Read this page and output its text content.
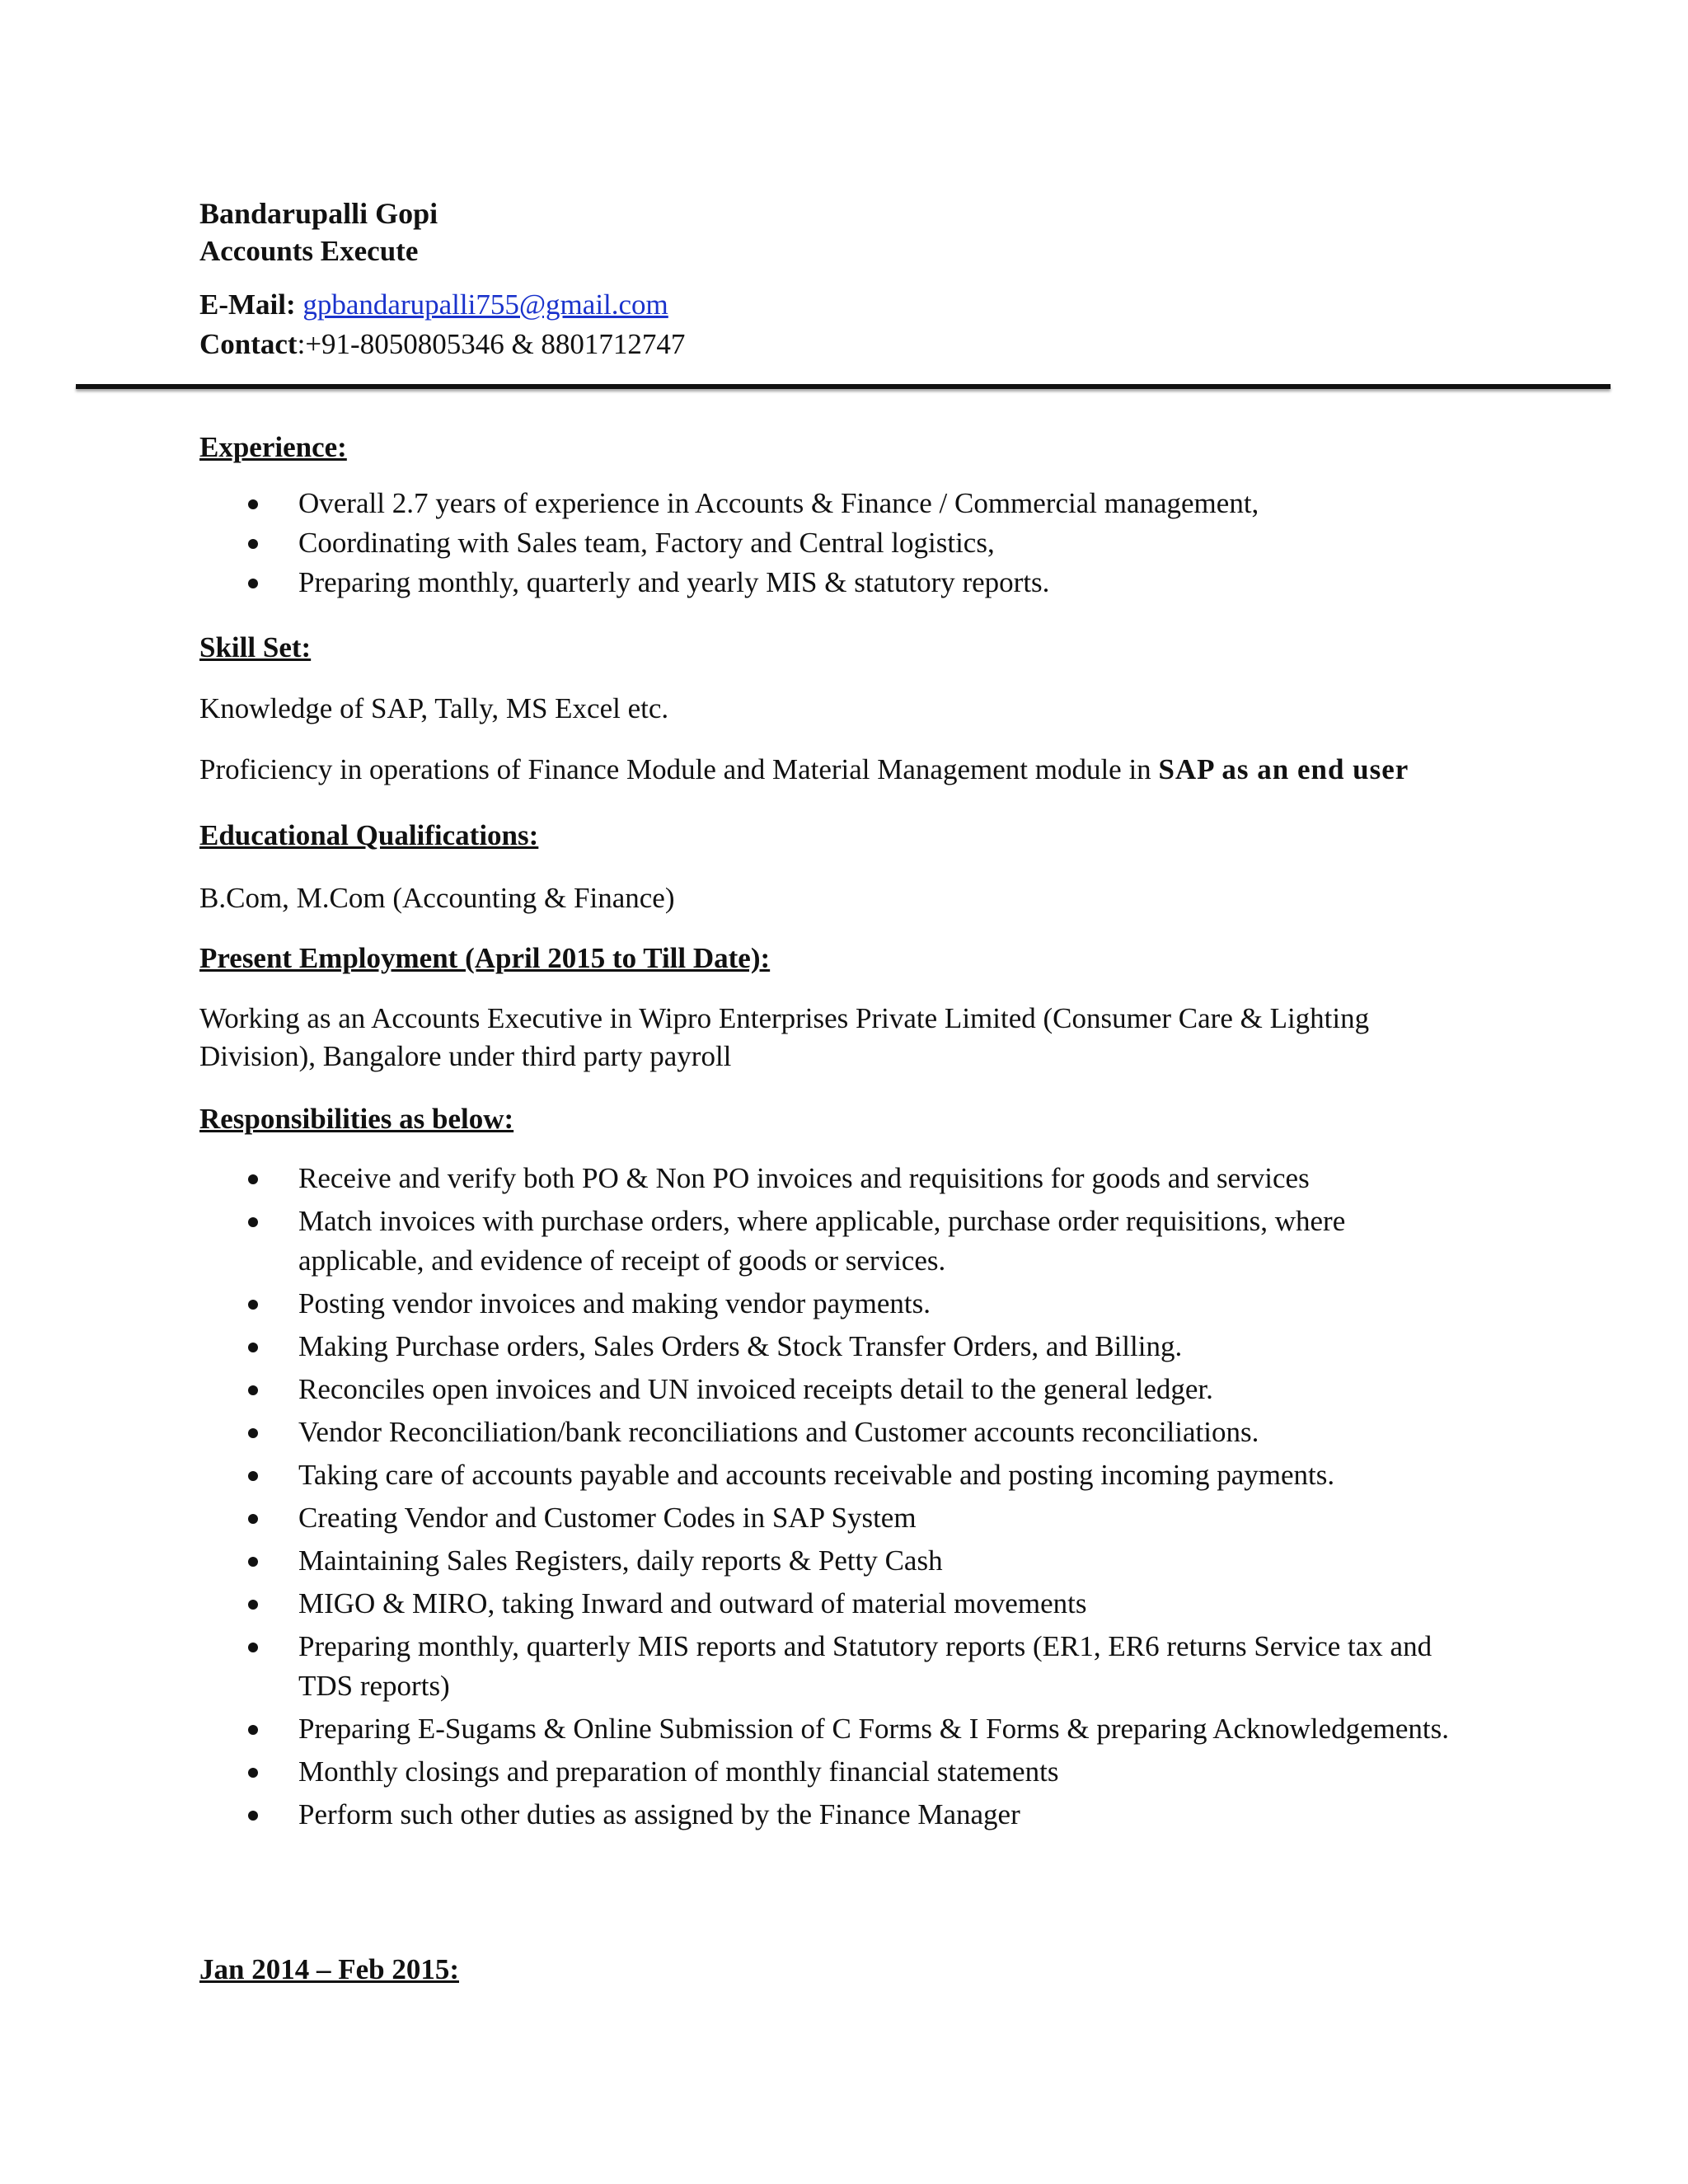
Bandarupalli Gopi

Accounts Execute

E-Mail: gpbandarupalli755@gmail.com

Contact:+91-8050805346 & 8801712747

Experience:

Overall 2.7 years of experience in Accounts & Finance / Commercial management,
Coordinating with Sales team, Factory and Central logistics,
Preparing monthly, quarterly and yearly MIS & statutory reports.

Skill Set:

Knowledge of SAP, Tally, MS Excel etc.

Proficiency in operations of Finance Module and Material Management module in SAP as an end user

Educational Qualifications:

B.Com, M.Com (Accounting & Finance)

Present Employment (April 2015 to Till Date):

Working as an Accounts Executive in Wipro Enterprises Private Limited (Consumer Care & Lighting Division), Bangalore under third party payroll

Responsibilities as below:

Receive and verify both PO & Non PO invoices and requisitions for goods and services
Match invoices with purchase orders, where applicable, purchase order requisitions, where applicable, and evidence of receipt of goods or services.
Posting vendor invoices and making vendor payments.
Making Purchase orders, Sales Orders & Stock Transfer Orders, and Billing.
Reconciles open invoices and UN invoiced receipts detail to the general ledger.
Vendor Reconciliation/bank reconciliations and Customer accounts reconciliations.
Taking care of accounts payable and accounts receivable and posting incoming payments.
Creating Vendor and Customer Codes in SAP System
Maintaining Sales Registers, daily reports & Petty Cash
MIGO & MIRO, taking Inward and outward of material movements
Preparing monthly, quarterly MIS reports and Statutory reports (ER1, ER6 returns Service tax and TDS reports)
Preparing E-Sugams & Online Submission of C Forms & I Forms & preparing Acknowledgements.
Monthly closings and preparation of monthly financial statements
Perform such other duties as assigned by the Finance Manager

Jan 2014 – Feb 2015:
